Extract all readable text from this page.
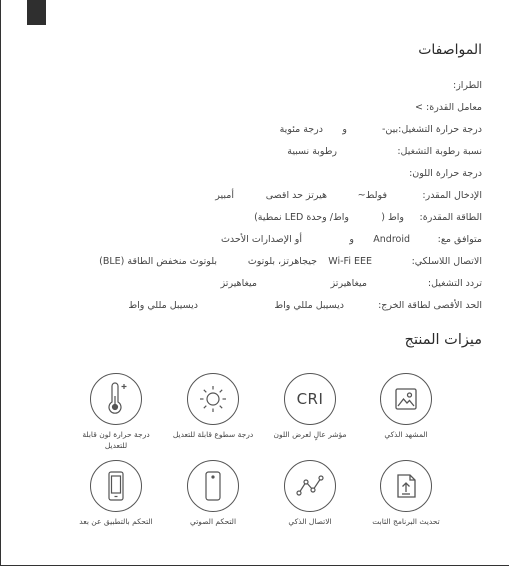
المواصفات
الطراز:
معامل القدرة: >
درجة حرارة التشغيل:بين-
و
درجة مئوية
نسبة رطوبة التشغيل:
رطوبة نسبية
درجة حرارة اللون:
الإدخال المقدر:
فولط~
هيرتز حد اقصى
أمبير
الطاقة المقدرة:
واط (
واط/ وحدة LED نمطية)
متوافق مع:
Android
و
أو الإصدارات الأحدث
الاتصال اللاسلكي:
Wi-Fi EEE
جيجاهرتز، بلوتوث
بلوتوث منخفض الطاقة (BLE)
تردد التشغيل:
ميغاهيرتز
ميغاهيرتز
الحد الأقصى لطاقة الخرج:
ديسيبل مللي واط
ديسيبل مللي واط
ميزات المنتج
المشهد الذكي
CRI
مؤشر عالٍ لعرض اللون
درجة سطوع قابلة للتعديل
درجة حرارة لون قابلة للتعديل
تحديث البرنامج الثابت
الاتصال الذكي
التحكم الصوتي
التحكم بالتطبيق عن بعد
